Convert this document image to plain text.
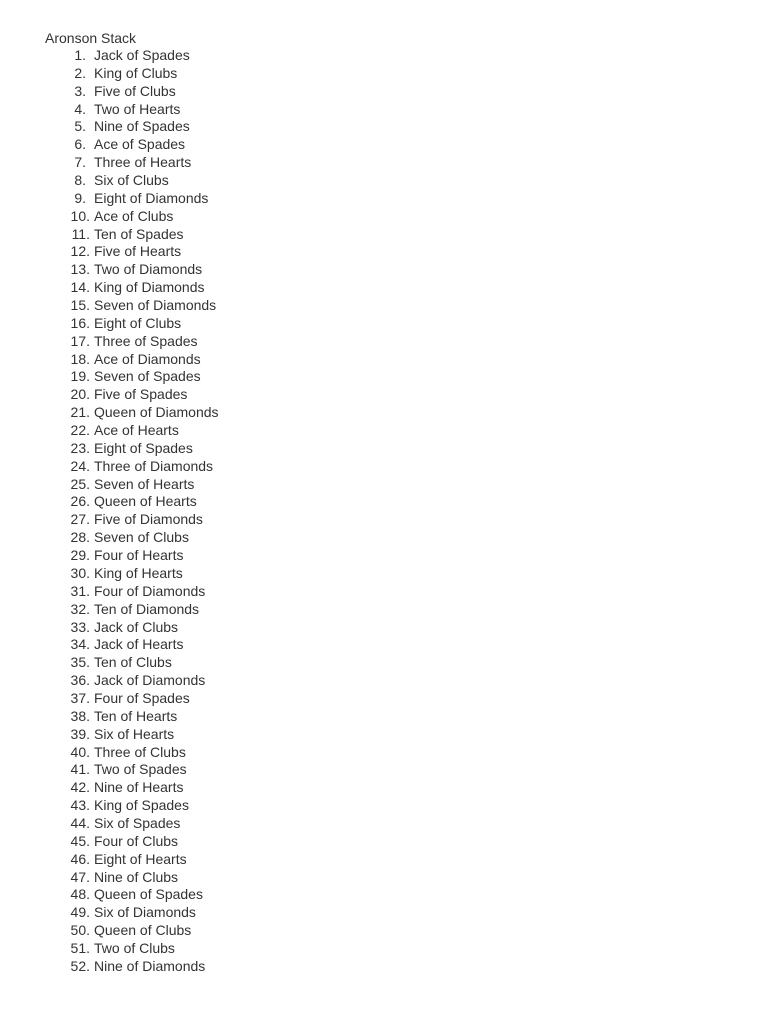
Aronson Stack
1. Jack of Spades
2. King of Clubs
3. Five of Clubs
4. Two of Hearts
5. Nine of Spades
6. Ace of Spades
7. Three of Hearts
8. Six of Clubs
9. Eight of Diamonds
10. Ace of Clubs
11. Ten of Spades
12. Five of Hearts
13. Two of Diamonds
14. King of Diamonds
15. Seven of Diamonds
16. Eight of Clubs
17. Three of Spades
18. Ace of Diamonds
19. Seven of Spades
20. Five of Spades
21. Queen of Diamonds
22. Ace of Hearts
23. Eight of Spades
24. Three of Diamonds
25. Seven of Hearts
26. Queen of Hearts
27. Five of Diamonds
28. Seven of Clubs
29. Four of Hearts
30. King of Hearts
31. Four of Diamonds
32. Ten of Diamonds
33. Jack of Clubs
34. Jack of Hearts
35. Ten of Clubs
36. Jack of Diamonds
37. Four of Spades
38. Ten of Hearts
39. Six of Hearts
40. Three of Clubs
41. Two of Spades
42. Nine of Hearts
43. King of Spades
44. Six of Spades
45. Four of Clubs
46. Eight of Hearts
47. Nine of Clubs
48. Queen of Spades
49. Six of Diamonds
50. Queen of Clubs
51. Two of Clubs
52. Nine of Diamonds
